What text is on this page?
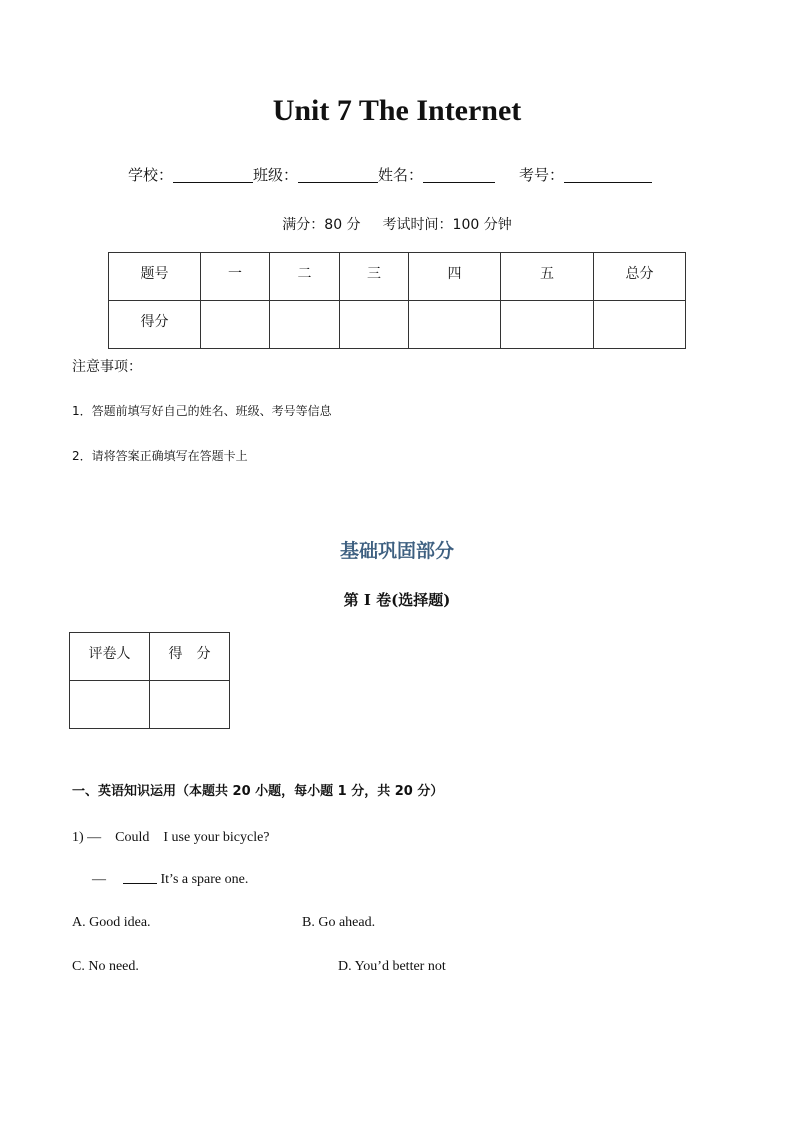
Unit 7 The Internet
学校：	班级：	姓名：	考号：
满分：80 分 考试时间：100 分钟
题号	一	二	三	四	五	总分

得分						

注意事项：
1．答题前填写好自己的姓名、班级、考号等信息
2．请将答案正确填写在答题卡上
基础巩固部分
第 I 卷(选择题)
评卷人	得　分

一、英语知识运用（本题共 20 小题，每小题 1 分，共 20 分）
1) —　Could　I use your bicycle?
—	It’s a spare one.
A. Good idea.	B. Go ahead.
C. No need.	D. You’d better not
